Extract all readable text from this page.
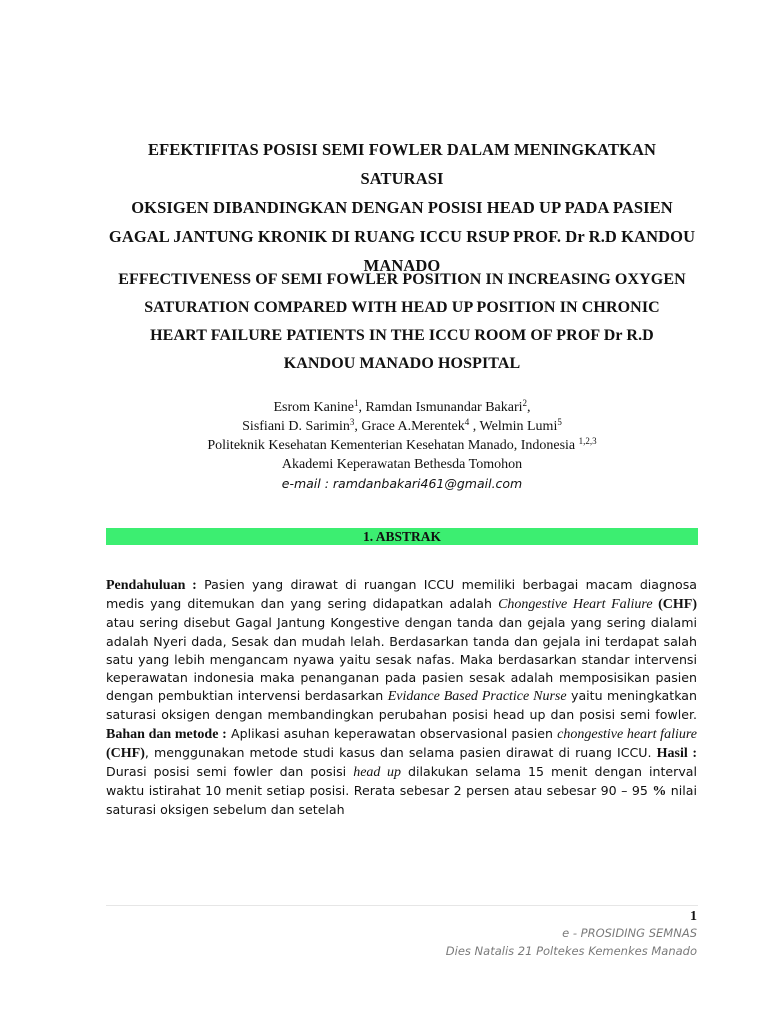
EFEKTIFITAS POSISI SEMI FOWLER DALAM MENINGKATKAN SATURASI

OKSIGEN DIBANDINGKAN DENGAN POSISI HEAD UP PADA PASIEN

GAGAL JANTUNG KRONIK DI RUANG ICCU RSUP PROF. Dr R.D KANDOU

MANADO

EFFECTIVENESS OF SEMI FOWLER POSITION IN INCREASING OXYGEN

SATURATION COMPARED WITH HEAD UP POSITION IN CHRONIC

HEART FAILURE PATIENTS IN THE ICCU ROOM OF PROF Dr R.D

KANDOU MANADO HOSPITAL

Esrom Kanine$^1$, Ramdan Ismunandar Bakari$^2$,
Sisfiani D. Sarimin$^3$, Grace A.Merentek$^4$ , Welmin Lumi$^5$
Politeknik Kesehatan Kementerian Kesehatan Manado, Indonesia $^{1,2,3}$
Akademi Keperawatan Bethesda Tomohon
e-mail : ramdanbakari461@gmail.com
1. ABSTRAK
Pendahuluan : Pasien yang dirawat di ruangan ICCU memiliki berbagai macam diagnosa medis yang ditemukan dan yang sering didapatkan adalah Chongestive Heart Faliure (CHF) atau sering disebut Gagal Jantung Kongestive dengan tanda dan gejala yang sering dialami adalah Nyeri dada, Sesak dan mudah lelah. Berdasarkan tanda dan gejala ini terdapat salah satu yang lebih mengancam nyawa yaitu sesak nafas. Maka berdasarkan standar intervensi keperawatan indonesia maka penanganan pada pasien sesak adalah memposisikan pasien dengan pembuktian intervensi berdasarkan Evidance Based Practice Nurse yaitu meningkatkan saturasi oksigen dengan membandingkan perubahan posisi head up dan posisi semi fowler. Bahan dan metode : Aplikasi asuhan keperawatan observasional pasien chongestive heart faliure (CHF), menggunakan metode studi kasus dan selama pasien dirawat di ruang ICCU. Hasil : Durasi posisi semi fowler dan posisi head up dilakukan selama 15 menit dengan interval waktu istirahat 10 menit setiap posisi. Rerata sebesar 2 persen atau sebesar 90 – 95 % nilai saturasi oksigen sebelum dan setelah
1
e - PROSIDING SEMNAS
Dies Natalis 21 Poltekes Kemenkes Manado
